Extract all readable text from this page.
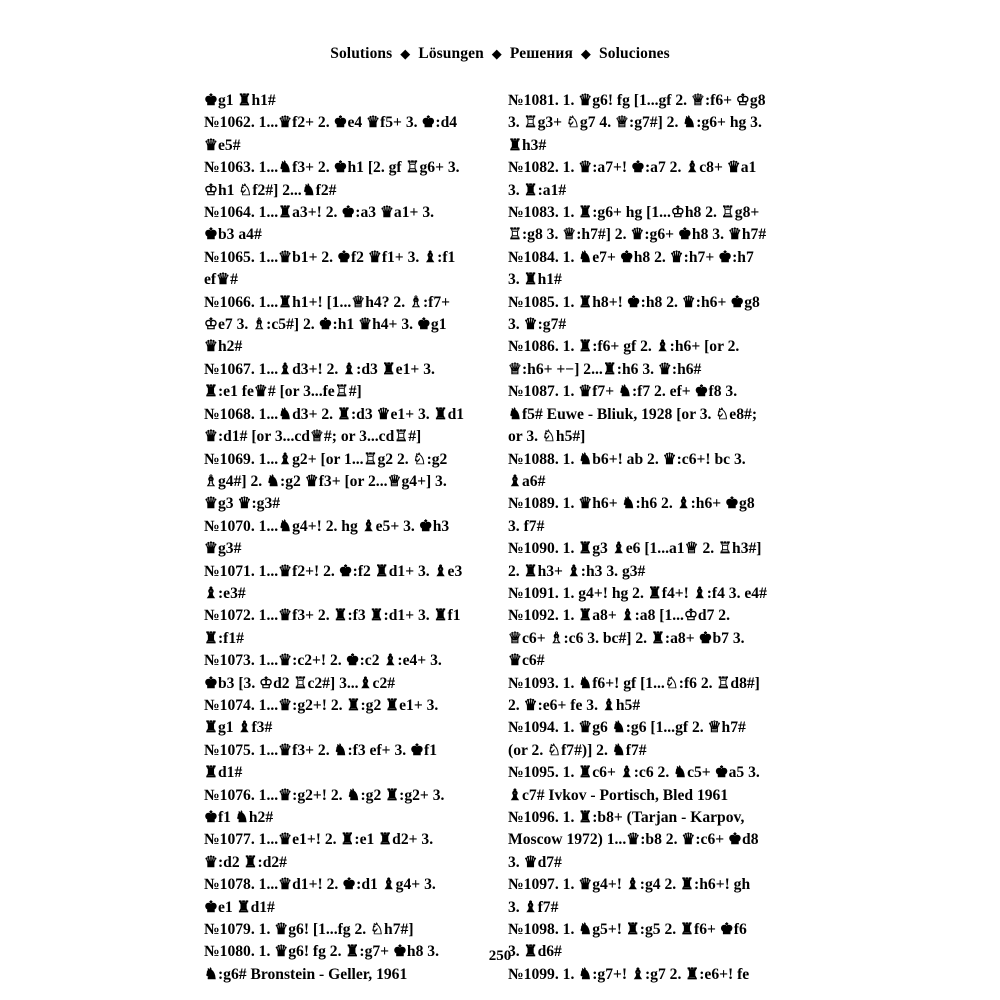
Solutions ◆ Lösungen ◆ Решения ◆ Soluciones
♚g1 ♜h1#
№1062. 1...♛f2+ 2. ♚e4 ♛f5+ 3. ♚:d4
♛e5#
№1063. 1...♞f3+ 2. ♚h1 [2. gf ♖g6+ 3.
♔h1 ♘f2#] 2...♞f2#
№1064. 1...♜a3+! 2. ♚:a3 ♛a1+ 3.
♚b3 a4#
№1065. 1...♛b1+ 2. ♚f2 ♛f1+ 3. ♝:f1
ef♛#
№1066. 1...♜h1+! [1...♕h4? 2. ♗:f7+
♔e7 3. ♗:c5#] 2. ♚:h1 ♛h4+ 3. ♚g1
♛h2#
№1067. 1...♝d3+! 2. ♝:d3 ♜e1+ 3.
♜:e1 fe♛# [or 3...fe♖#]
№1068. 1...♞d3+ 2. ♜:d3 ♛e1+ 3. ♜d1
♛:d1# [or 3...cd♕#; or 3...cd♖#]
№1069. 1...♝g2+ [or 1...♖g2 2. ♘:g2
♗g4#] 2. ♞:g2 ♛f3+ [or 2...♕g4+] 3.
♛g3 ♛:g3#
№1070. 1...♞g4+! 2. hg ♝e5+ 3. ♚h3
♛g3#
№1071. 1...♛f2+! 2. ♚:f2 ♜d1+ 3. ♝e3
♝:e3#
№1072. 1...♛f3+ 2. ♜:f3 ♜:d1+ 3. ♜f1
♜:f1#
№1073. 1...♛:c2+! 2. ♚:c2 ♝:e4+ 3.
♚b3 [3. ♔d2 ♖c2#] 3...♝c2#
№1074. 1...♛:g2+! 2. ♜:g2 ♜e1+ 3.
♜g1 ♝f3#
№1075. 1...♛f3+ 2. ♞:f3 ef+ 3. ♚f1
♜d1#
№1076. 1...♛:g2+! 2. ♞:g2 ♜:g2+ 3.
♚f1 ♞h2#
№1077. 1...♛e1+! 2. ♜:e1 ♜d2+ 3.
♛:d2 ♜:d2#
№1078. 1...♛d1+! 2. ♚:d1 ♝g4+ 3.
♚e1 ♜d1#
№1079. 1. ♛g6! [1...fg 2. ♘h7#]
№1080. 1. ♛g6! fg 2. ♜:g7+ ♚h8 3.
♞:g6# Bronstein - Geller, 1961
№1081. 1. ♛g6! fg [1...gf 2. ♕:f6+ ♔g8
3. ♖g3+ ♘g7 4. ♕:g7#] 2. ♞:g6+ hg 3.
♜h3#
№1082. 1. ♛:a7+! ♚:a7 2. ♝c8+ ♛a1
3. ♜:a1#
№1083. 1. ♜:g6+ hg [1...♔h8 2. ♖g8+
♖:g8 3. ♕:h7#] 2. ♛:g6+ ♚h8 3. ♛h7#
№1084. 1. ♞e7+ ♚h8 2. ♛:h7+ ♚:h7
3. ♜h1#
№1085. 1. ♜h8+! ♚:h8 2. ♛:h6+ ♚g8
3. ♛:g7#
№1086. 1. ♜:f6+ gf 2. ♝:h6+ [or 2.
♕:h6+ +−] 2...♜:h6 3. ♛:h6#
№1087. 1. ♛f7+ ♞:f7 2. ef+ ♚f8 3.
♞f5# Euwe - Bliuk, 1928 [or 3. ♘e8#;
or 3. ♘h5#]
№1088. 1. ♞b6+! ab 2. ♛:c6+! bc 3.
♝a6#
№1089. 1. ♛h6+ ♞:h6 2. ♝:h6+ ♚g8
3. f7#
№1090. 1. ♜g3 ♝e6 [1...a1♕ 2. ♖h3#]
2. ♜h3+ ♝:h3 3. g3#
№1091. 1. g4+! hg 2. ♜f4+! ♝:f4 3. e4#
№1092. 1. ♜a8+ ♝:a8 [1...♔d7 2.
♕c6+ ♗:c6 3. bc#] 2. ♜:a8+ ♚b7 3.
♛c6#
№1093. 1. ♞f6+! gf [1...♘:f6 2. ♖d8#]
2. ♛:e6+ fe 3. ♝h5#
№1094. 1. ♛g6 ♞:g6 [1...gf 2. ♕h7#
(or 2. ♘f7#)] 2. ♞f7#
№1095. 1. ♜c6+ ♝:c6 2. ♞c5+ ♚a5 3.
♝c7# Ivkov - Portisch, Bled 1961
№1096. 1. ♜:b8+ (Tarjan - Karpov,
Moscow 1972) 1...♛:b8 2. ♛:c6+ ♚d8
3. ♛d7#
№1097. 1. ♛g4+! ♝:g4 2. ♜:h6+! gh
3. ♝f7#
№1098. 1. ♞g5+! ♜:g5 2. ♜f6+ ♚f6
3. ♜d6#
№1099. 1. ♞:g7+! ♝:g7 2. ♜:e6+! fe
250
